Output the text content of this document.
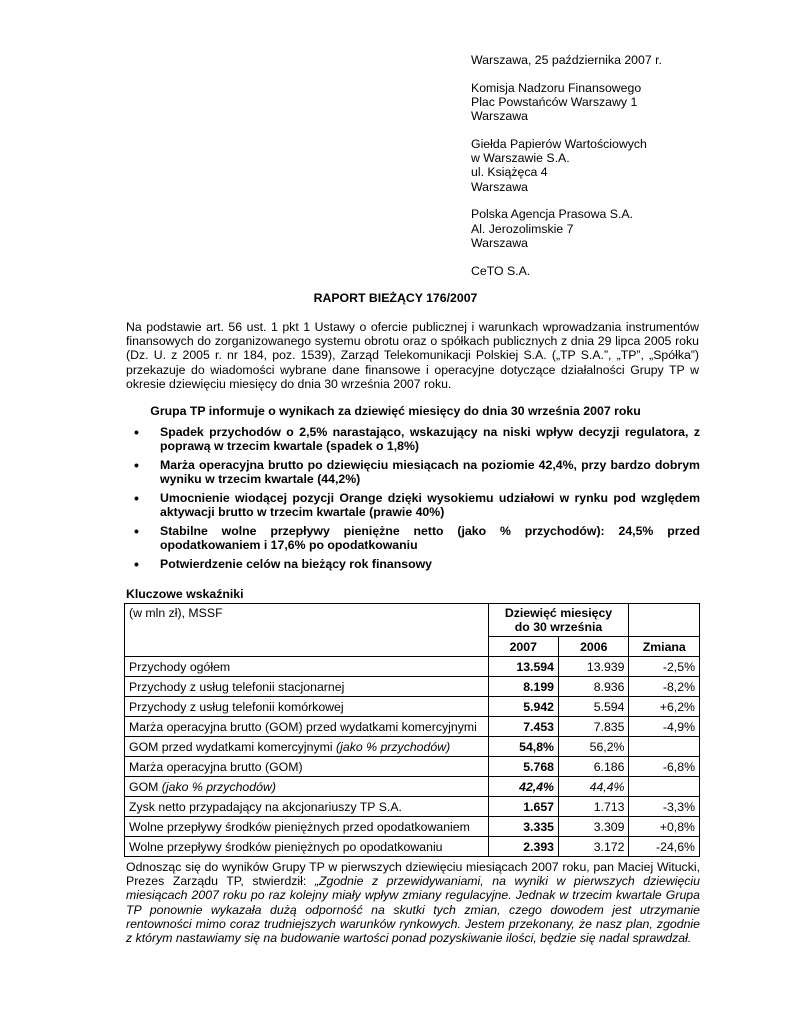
Warszawa, 25 października 2007 r.

Komisja Nadzoru Finansowego
Plac Powstańców Warszawy 1
Warszawa

Giełda Papierów Wartościowych
w Warszawie S.A.
ul. Książęca 4
Warszawa

Polska Agencja Prasowa S.A.
Al. Jerozolimskie 7
Warszawa

CeTO S.A.

RAPORT BIEŻĄCY 176/2007

Na podstawie art. 56 ust. 1 pkt 1 Ustawy o ofercie publicznej i warunkach wprowadzania instrumentów finansowych do zorganizowanego systemu obrotu oraz o spółkach publicznych z dnia 29 lipca 2005 roku (Dz. U. z 2005 r. nr 184, poz. 1539), Zarząd Telekomunikacji Polskiej S.A. („TP S.A.”, „TP”, „Spółka”) przekazuje do wiadomości wybrane dane finansowe i operacyjne dotyczące działalności Grupy TP w okresie dziewięciu miesięcy do dnia 30 września 2007 roku.

Grupa TP informuje o wynikach za dziewięć miesięcy do dnia 30 września 2007 roku
• Spadek przychodów o 2,5% narastająco, wskazujący na niski wpływ decyzji regulatora, z poprawą w trzecim kwartale (spadek o 1,8%)
• Marża operacyjna brutto po dziewięciu miesiącach na poziomie 42,4%, przy bardzo dobrym wyniku w trzecim kwartale (44,2%)
• Umocnienie wiodącej pozycji Orange dzięki wysokiemu udziałowi w rynku pod względem aktywacji brutto w trzecim kwartale (prawie 40%)
• Stabilne wolne przepływy pieniężne netto (jako % przychodów): 24,5% przed opodatkowaniem i 17,6% po opodatkowaniu
• Potwierdzenie celów na bieżący rok finansowy
Kluczowe wskaźniki
(w mln zł), MSSF	Dziewięć miesięcy
do 30 września		
	2007	2006	Zmiana
Przychody ogółem	13.594	13.939	-2,5%
Przychody z usług telefonii stacjonarnej	8.199	8.936	-8,2%
Przychody z usług telefonii komórkowej	5.942	5.594	+6,2%
Marża operacyjna brutto (GOM) przed wydatkami komercyjnymi	7.453	7.835	-4,9%
GOM przed wydatkami komercyjnymi (jako % przychodów)	54,8%	56,2%	
Marża operacyjna brutto (GOM)	5.768	6.186	-6,8%
GOM (jako % przychodów)	42,4%	44,4%	
Zysk netto przypadający na akcjonariuszy TP S.A.	1.657	1.713	-3,3%
Wolne przepływy środków pieniężnych przed opodatkowaniem	3.335	3.309	+0,8%
Wolne przepływy środków pieniężnych po opodatkowaniu	2.393	3.172	-24,6%

Odnosząc się do wyników Grupy TP w pierwszych dziewięciu miesiącach 2007 roku, pan Maciej Witucki, Prezes Zarządu TP, stwierdził: „Zgodnie z przewidywaniami, na wyniki w pierwszych dziewięciu miesiącach 2007 roku po raz kolejny miały wpływ zmiany regulacyjne. Jednak w trzecim kwartale Grupa TP ponownie wykazała dużą odporność na skutki tych zmian, czego dowodem jest utrzymanie rentowności mimo coraz trudniejszych warunków rynkowych. Jestem przekonany, że nasz plan, zgodnie z którym nastawiamy się na budowanie wartości ponad pozyskiwanie ilości, będzie się nadal sprawdzał.
